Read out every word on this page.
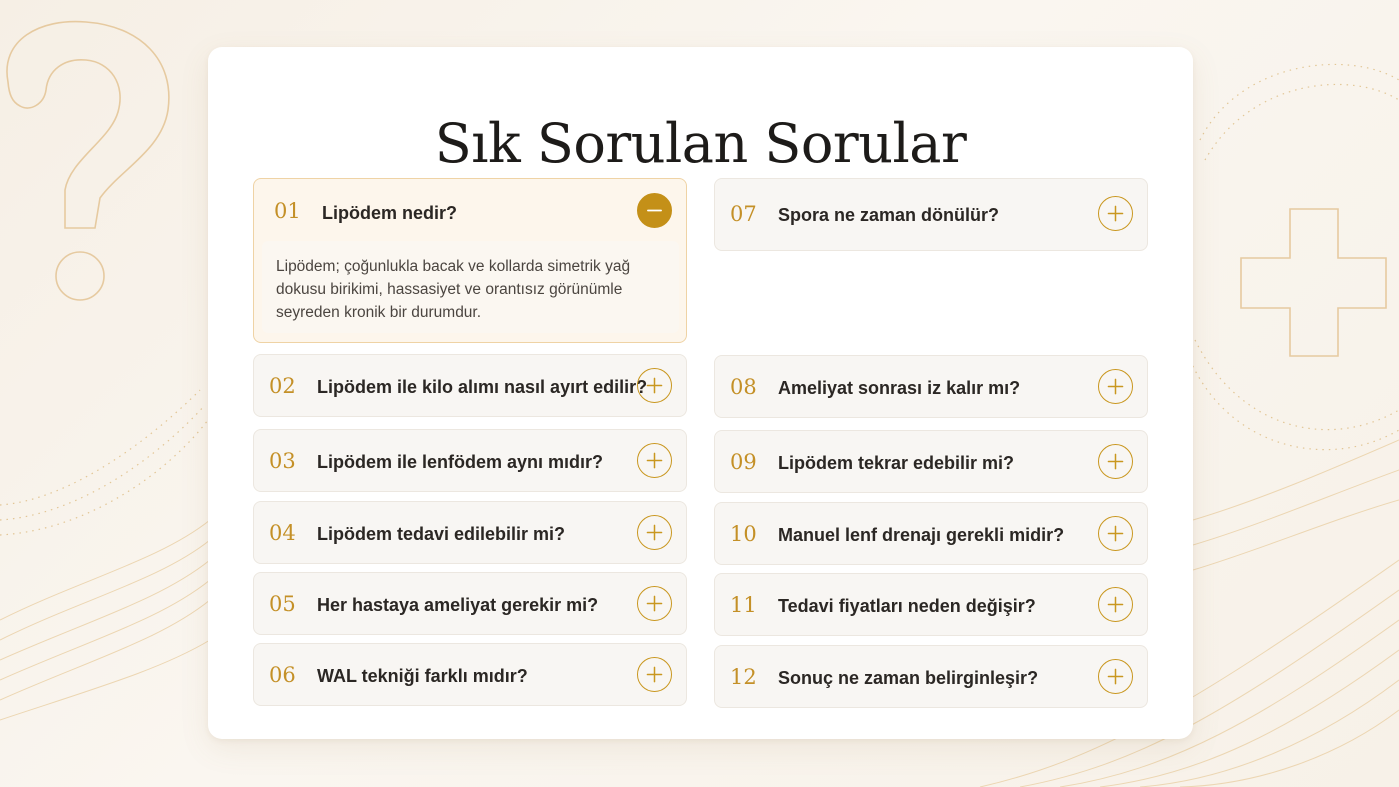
Sık Sorulan Sorular
01 Lipödem nedir?
Lipödem; çoğunlukla bacak ve kollarda simetrik yağ dokusu birikimi, hassasiyet ve orantısız görünümle seyreden kronik bir durumdur.
02 Lipödem ile kilo alımı nasıl ayırt edilir?
03 Lipödem ile lenfödem aynı mıdır?
04 Lipödem tedavi edilebilir mi?
05 Her hastaya ameliyat gerekir mi?
06 WAL tekniği farklı mıdır?
07 Spora ne zaman dönülür?
08 Ameliyat sonrası iz kalır mı?
09 Lipödem tekrar edebilir mi?
10 Manuel lenf drenajı gerekli midir?
11 Tedavi fiyatları neden değişir?
12 Sonuç ne zaman belirginleşir?
